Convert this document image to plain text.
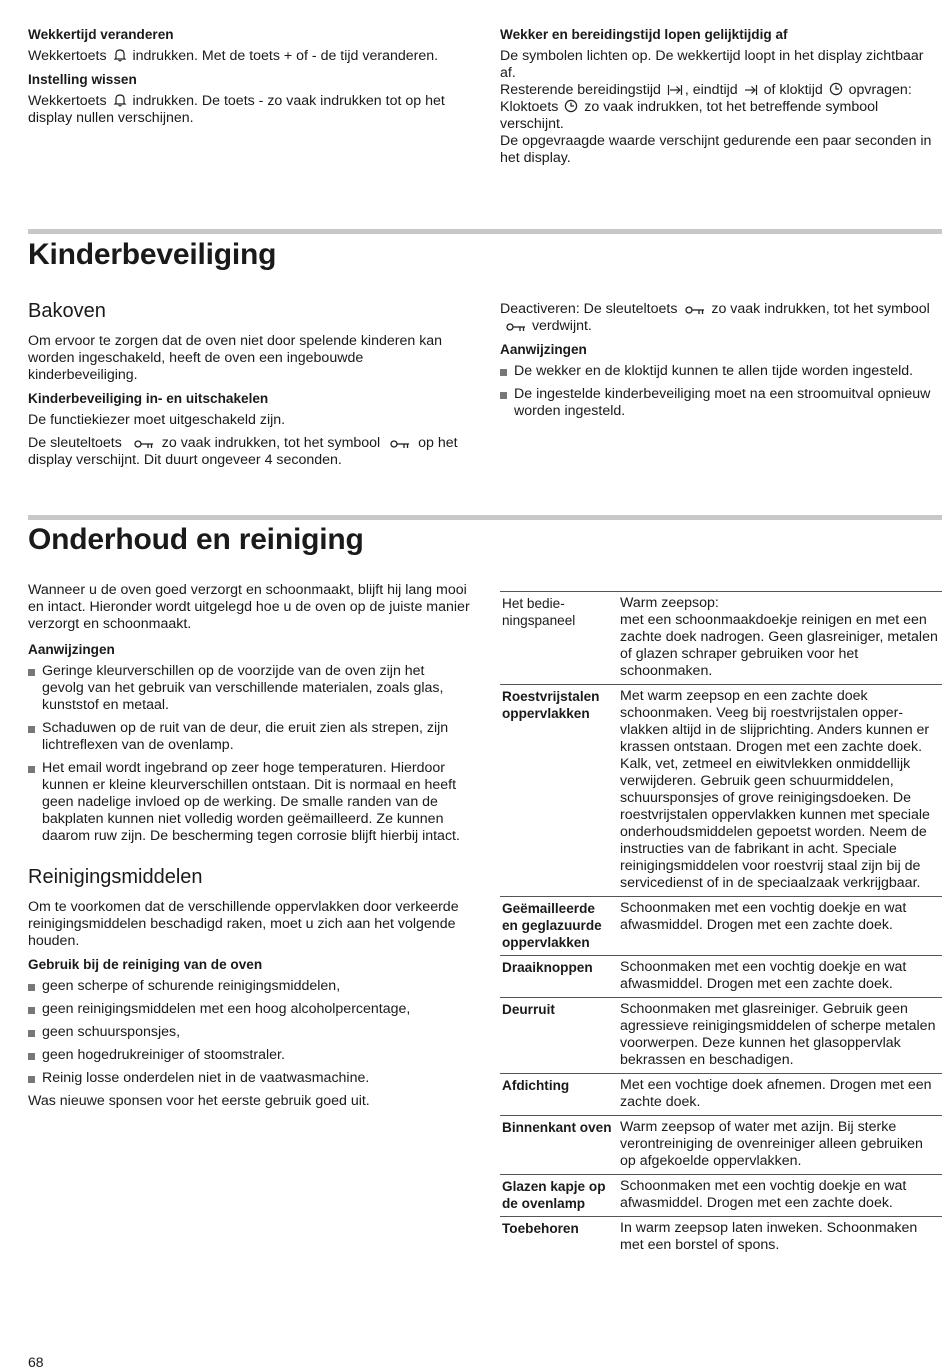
Wekkertijd veranderen

Wekkertoets indrukken. Met de toets + of - de tijd veranderen.

Instelling wissen

Wekkertoets indrukken. De toets - zo vaak indrukken tot op het display nullen verschijnen.

Wekker en bereidingstijd lopen gelijktijdig af
De symbolen lichten op. De wekkertijd loopt in het display zichtbaar af.
Resterende bereidingstijd , eindtijd of kloktijd opvragen:
Kloktoets zo vaak indrukken, tot het betreffende symbool verschijnt.
De opgevraagde waarde verschijnt gedurende een paar seconden in het display.
Kinderbeveiliging
Bakoven

Om ervoor te zorgen dat de oven niet door spelende kinderen kan worden ingeschakeld, heeft de oven een ingebouwde kinderbeveiliging.

Kinderbeveiliging in- en uitschakelen

De functiekiezer moet uitgeschakeld zijn.

De sleuteltoets	zo vaak indrukken, tot het symbool	op het display verschijnt. Dit duurt ongeveer 4 seconden.

Deactiveren: De sleuteltoets zo vaak indrukken, tot het symbool
verdwijnt.

Aanwijzingen
De wekker en de kloktijd kunnen te allen tijde worden ingesteld.
De ingestelde kinderbeveiliging moet na een stroomuitval opnieuw worden ingesteld.
Onderhoud en reiniging

Wanneer u de oven goed verzorgt en schoonmaakt, blijft hij lang mooi en intact. Hieronder wordt uitgelegd hoe u de oven op de juiste manier verzorgt en schoonmaakt.

Aanwijzingen
Geringe kleurverschillen op de voorzijde van de oven zijn het gevolg van het gebruik van verschillende materialen, zoals glas, kunststof en metaal.
Schaduwen op de ruit van de deur, die eruit zien als strepen, zijn lichtreflexen van de ovenlamp.
Het email wordt ingebrand op zeer hoge temperaturen. Hierdoor kunnen er kleine kleurverschillen ontstaan. Dit is normaal en heeft geen nadelige invloed op de werking. De smalle randen van de bakplaten kunnen niet volledig worden geëmailleerd. Ze kunnen daarom ruw zijn. De bescherming tegen corrosie blijft hierbij intact.
Reinigingsmiddelen

Om te voorkomen dat de verschillende oppervlakken door verkeerde reinigingsmiddelen beschadigd raken, moet u zich aan het volgende houden.

Gebruik bij de reiniging van de oven
geen scherpe of schurende reinigingsmiddelen,
geen reinigingsmiddelen met een hoog alcoholpercentage,
geen schuursponsjes,
geen hogedrukreiniger of stoomstraler.
Reinig losse onderdelen niet in de vaatwasmachine.

Was nieuwe sponsen voor het eerste gebruik goed uit.

Het bedieningspaneel	Warm zeepsop:
met een schoonmaakdoekje reinigen en met een zachte doek nadrogen. Geen glasreiniger, metalen of glazen schraper gebruiken voor het schoonmaken.
Roestvrijstalen oppervlakken	Met warm zeepsop en een zachte doek schoonmaken. Veeg bij roestvrijstalen oppervlakken altijd in de slijprichting. Anders kunnen er krassen ontstaan. Drogen met een zachte doek. Kalk, vet, zetmeel en eiwitvlekken onmiddellijk verwijderen. Gebruik geen schuurmiddelen, schuursponsjes of grove reinigingsdoeken. De roestvrijstalen oppervlakken kunnen met speciale onderhoudsmiddelen gepoetst worden. Neem de instructies van de fabrikant in acht. Speciale reinigingsmiddelen voor roestvrij staal zijn bij de servicedienst of in de speciaalzaak verkrijgbaar.
Geëmailleerde en geglazuurde oppervlakken	Schoonmaken met een vochtig doekje en wat afwasmiddel. Drogen met een zachte doek.
Draaiknoppen	Schoonmaken met een vochtig doekje en wat afwasmiddel. Drogen met een zachte doek.
Deurruit	Schoonmaken met glasreiniger. Gebruik geen agressieve reinigingsmiddelen of scherpe metalen voorwerpen. Deze kunnen het glasoppervlak bekrassen en beschadigen.
Afdichting	Met een vochtige doek afnemen. Drogen met een zachte doek.
Binnenkant oven	Warm zeepsop of water met azijn. Bij sterke verontreiniging de ovenreiniger alleen gebruiken op afgekoelde oppervlakken.
Glazen kapje op de ovenlamp	Schoonmaken met een vochtig doekje en wat afwasmiddel. Drogen met een zachte doek.
Toebehoren	In warm zeepsop laten inweken. Schoonmaken met een borstel of spons.
68
